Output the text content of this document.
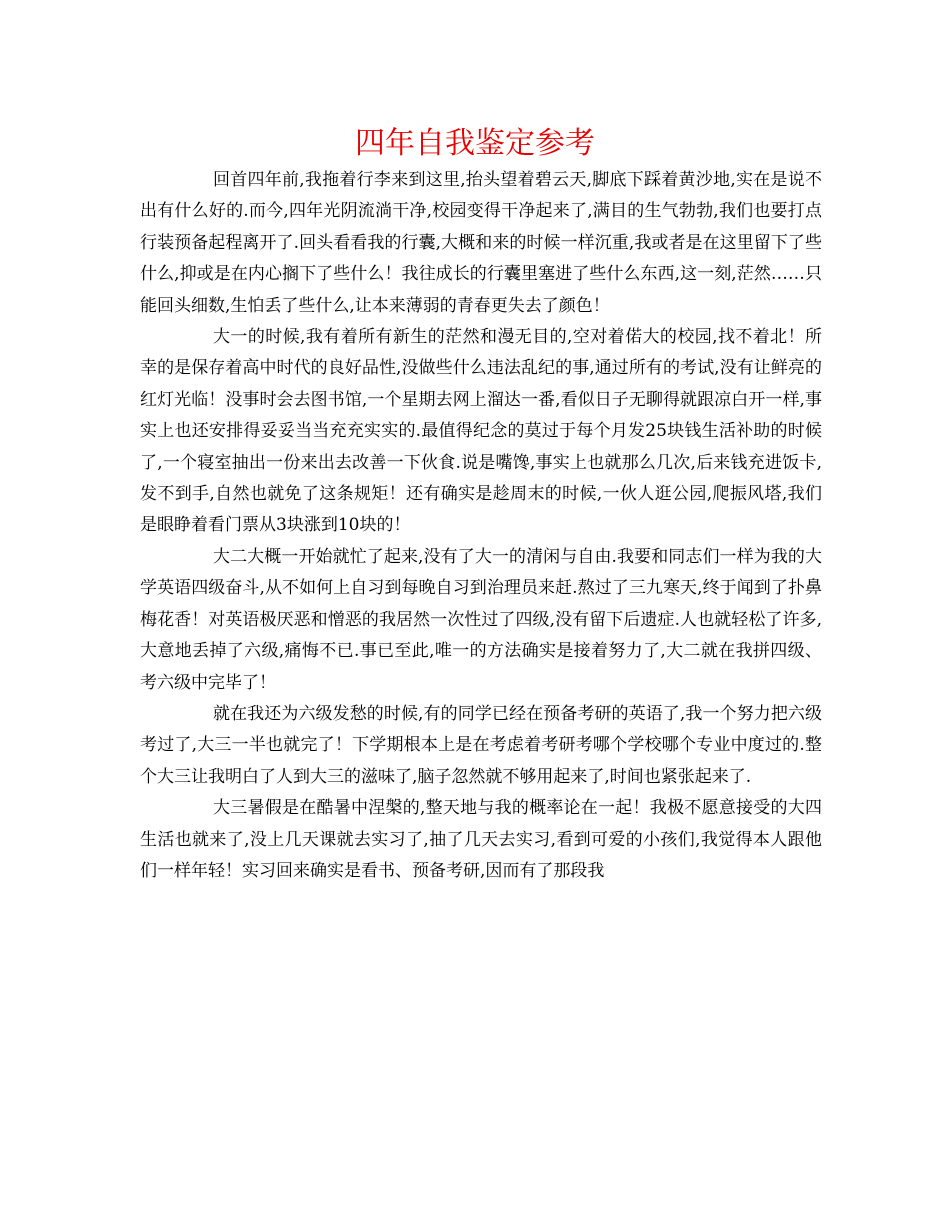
四年自我鉴定参考

回首四年前,我拖着行李来到这里,抬头望着碧云天,脚底下踩着黄沙地,实在是说不出有什么好的.而今,四年光阴流淌干净,校园变得干净起来了,满目的生气勃勃,我们也要打点行装预备起程离开了.回头看看我的行囊,大概和来的时候一样沉重,我或者是在这里留下了些什么,抑或是在内心搁下了些什么！我往成长的行囊里塞进了些什么东西,这一刻,茫然……只能回头细数,生怕丢了些什么,让本来薄弱的青春更失去了颜色！

大一的时候,我有着所有新生的茫然和漫无目的,空对着偌大的校园,找不着北！所幸的是保存着高中时代的良好品性,没做些什么违法乱纪的事,通过所有的考试,没有让鲜亮的红灯光临！没事时会去图书馆,一个星期去网上溜达一番,看似日子无聊得就跟凉白开一样,事实上也还安排得妥妥当当充充实实的.最值得纪念的莫过于每个月发25块钱生活补助的时候了,一个寝室抽出一份来出去改善一下伙食.说是嘴馋,事实上也就那么几次,后来钱充进饭卡,发不到手,自然也就免了这条规矩！还有确实是趁周末的时候,一伙人逛公园,爬振风塔,我们是眼睁着看门票从3块涨到10块的！

大二大概一开始就忙了起来,没有了大一的清闲与自由.我要和同志们一样为我的大学英语四级奋斗,从不如何上自习到每晚自习到治理员来赶.熬过了三九寒天,终于闻到了扑鼻梅花香！对英语极厌恶和憎恶的我居然一次性过了四级,没有留下后遗症.人也就轻松了许多,大意地丢掉了六级,痛悔不已.事已至此,唯一的方法确实是接着努力了,大二就在我拼四级、考六级中完毕了！

就在我还为六级发愁的时候,有的同学已经在预备考研的英语了,我一个努力把六级考过了,大三一半也就完了！下学期根本上是在考虑着考研考哪个学校哪个专业中度过的.整个大三让我明白了人到大三的滋味了,脑子忽然就不够用起来了,时间也紧张起来了.

大三暑假是在酷暑中涅槃的,整天地与我的概率论在一起！我极不愿意接受的大四生活也就来了,没上几天课就去实习了,抽了几天去实习,看到可爱的小孩们,我觉得本人跟他们一样年轻！实习回来确实是看书、预备考研,因而有了那段我
